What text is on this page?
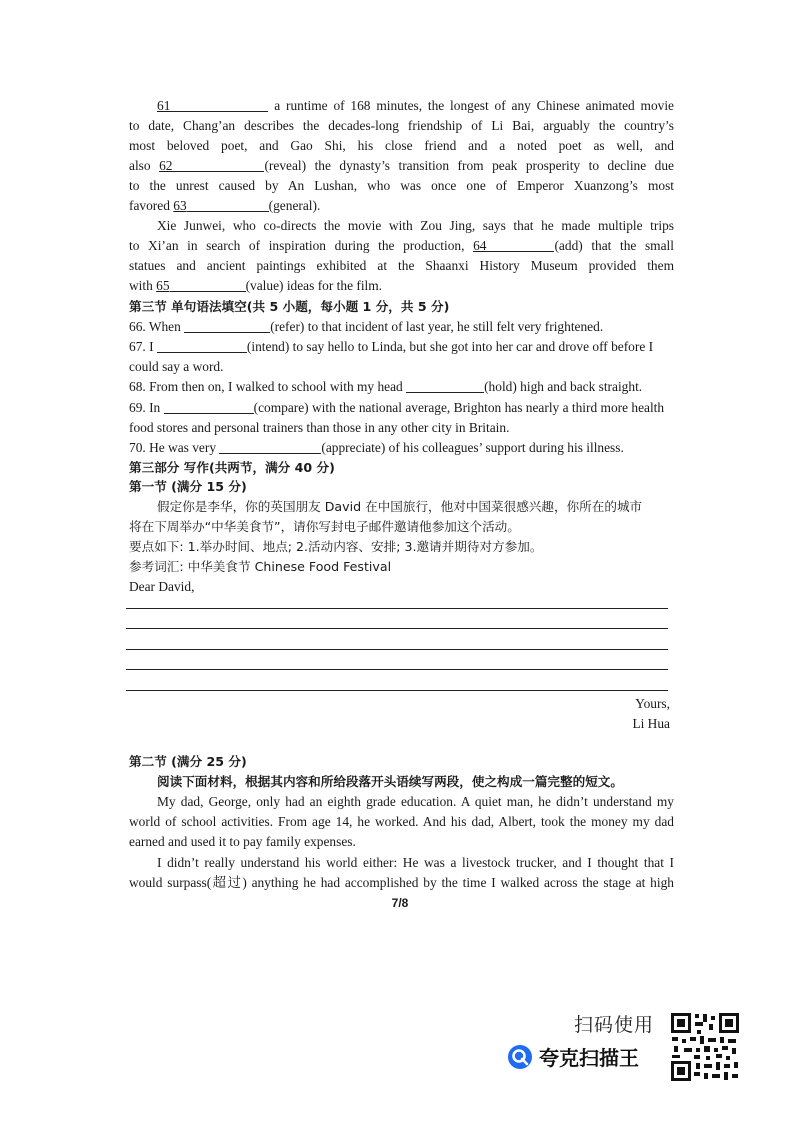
61	a runtime of 168 minutes, the longest of any Chinese animated movie
to date, Chang’an describes the decades-long friendship of Li Bai, arguably the country’s
most beloved poet, and Gao Shi, his close friend and a noted poet as well, and
also 62	(reveal) the dynasty’s transition from peak prosperity to decline due
to the unrest caused by An Lushan, who was once one of Emperor Xuanzong’s most
favored 63	(general).
Xie Junwei, who co-directs the movie with Zou Jing, says that he made multiple trips
to Xi’an in search of inspiration during the production, 64	(add) that the small
statues and ancient paintings exhibited at the Shaanxi History Museum provided them
with 65	(value) ideas for the film.
第三节 单句语法填空(共 5 小题，每小题 1 分，共 5 分)
66. When	(refer) to that incident of last year, he still felt very frightened.
67. I	(intend) to say hello to Linda, but she got into her car and drove off before I
could say a word.
68. From then on, I walked to school with my head	(hold) high and back straight.
69. In	(compare) with the national average, Brighton has nearly a third more health
food stores and personal trainers than those in any other city in Britain.
70. He was very	(appreciate) of his colleagues’ support during his illness.
第三部分 写作(共两节，满分 40 分)
第一节 (满分 15 分)
假定你是李华，你的英国朋友 David 在中国旅行，他对中国菜很感兴趣，你所在的城市
将在下周举办“中华美食节”，请你写封电子邮件邀请他参加这个活动。
要点如下: 1.举办时间、地点; 2.活动内容、安排; 3.邀请并期待对方参加。
参考词汇: 中华美食节 Chinese Food Festival
Dear David,
Yours,
Li Hua
第二节 (满分 25 分)
阅读下面材料，根据其内容和所给段落开头语续写两段，使之构成一篇完整的短文。
My dad, George, only had an eighth grade education. A quiet man, he didn’t understand my
world of school activities. From age 14, he worked. And his dad, Albert, took the money my dad
earned and used it to pay family expenses.
I didn’t really understand his world either: He was a livestock trucker, and I thought that I
would surpass(超过) anything he had accomplished by the time I walked across the stage at high
7/8
扫码使用
夸克扫描王
